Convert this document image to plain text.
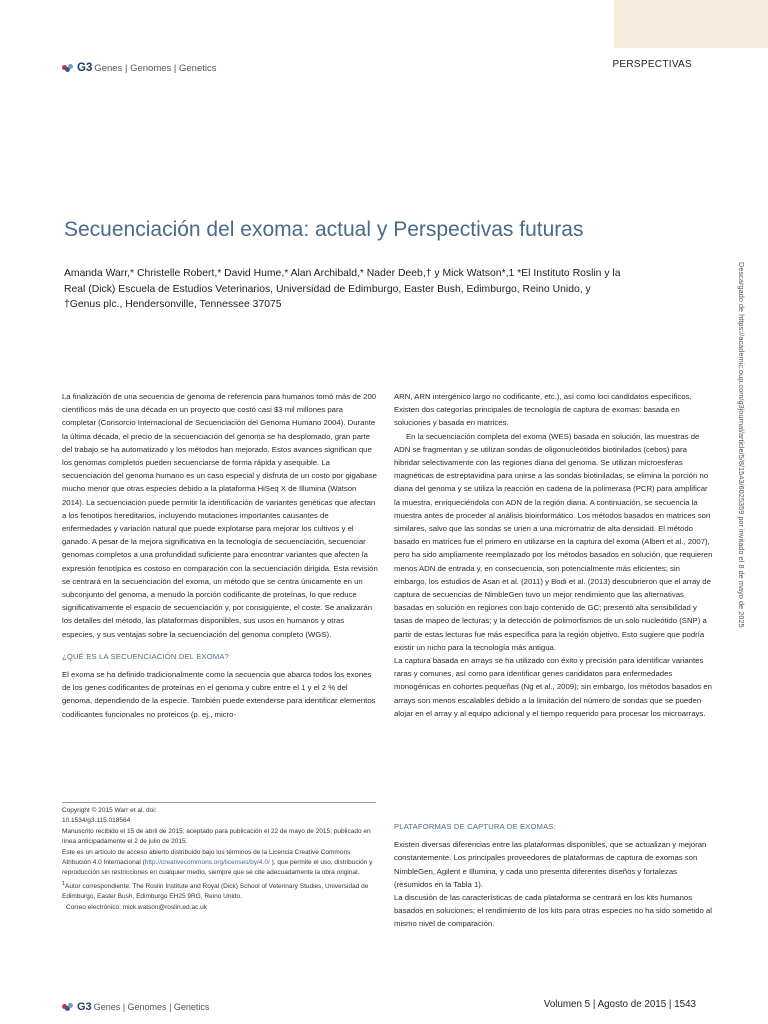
G3 Genes | Genomes | Genetics	PERSPECTIVAS
Secuenciación del exoma: actual y Perspectivas futuras
Amanda Warr,* Christelle Robert,* David Hume,* Alan Archibald,* Nader Deeb,† y Mick Watson*,1 *El Instituto Roslin y la Real (Dick) Escuela de Estudios Veterinarios, Universidad de Edimburgo, Easter Bush, Edimburgo, Reino Unido, y †Genus plc., Hendersonville, Tennessee 37075	Descargado de https://academic.oup.com/g3journal/article/5/8/1543/6025359 por invitado el 8 de mayo de 2025

La finalización de una secuencia de genoma de referencia para humanos tomó más de 200 científicos más de una década en un proyecto que costó casi $3 mil millones para completar (Consorcio Internacional de Secuenciación del Genoma Humano 2004). Durante la última década, el precio de la secuenciación del genoma se ha desplomado, gran parte del trabajo se ha automatizado y los métodos han mejorado. Estos avances significan que los genomas completos pueden secuenciarse de forma rápida y asequible. La secuenciación del genoma humano es un caso especial y disfruta de un costo por gigabase mucho menor que otras especies debido a la plataforma HiSeq X de Illumina (Watson 2014). La secuenciación puede permitir la identificación de variantes genéticas que afectan a los fenotipos hereditarios, incluyendo mutaciones importantes causantes de enfermedades y variación natural que puede explotarse para mejorar los cultivos y el ganado. A pesar de la mejora significativa en la tecnología de secuenciación, secuenciar genomas completos a una profundidad suficiente para encontrar variantes que afecten la expresión fenotípica es costoso en comparación con la secuenciación dirigida. Esta revisión se centrará en la secuenciación del exoma, un método que se centra únicamente en un subconjunto del genoma, a menudo la porción codificante de proteínas, lo que reduce significativamente el espacio de secuenciación y, por consiguiente, el coste. Se analizarán los detalles del método, las plataformas disponibles, sus usos en humanos y otras especies, y sus ventajas sobre la secuenciación del genoma completo (WGS).

¿QUÉ ES LA SECUENCIACIÓN DEL EXOMA?

El exoma se ha definido tradicionalmente como la secuencia que abarca todos los exones de los genes codificantes de proteínas en el genoma y cubre entre el 1 y el 2 % del genoma, dependiendo de la especie. También puede extenderse para identificar elementos codificantes funcionales no proteicos (p. ej., micro-

ARN, ARN intergénico largo no codificante, etc.), así como loci candidatos específicos. Existen dos categorías principales de tecnología de captura de exomas: basada en soluciones y basada en matrices.

En la secuenciación completa del exoma (WES) basada en solución, las muestras de ADN se fragmentan y se utilizan sondas de oligonucleótidos biotinilados (cebos) para hibridar selectivamente con las regiones diana del genoma. Se utilizan microesferas magnéticas de estreptavidina para unirse a las sondas biotiniladas, se elimina la porción no diana del genoma y se utiliza la reacción en cadena de la polimerasa (PCR) para amplificar la muestra, enriqueciéndola con ADN de la región diana. A continuación, se secuencia la muestra antes de proceder al análisis bioinformático. Los métodos basados en matrices son similares, salvo que las sondas se unen a una micromatriz de alta densidad. El método basado en matrices fue el primero en utilizarse en la captura del exoma (Albert et al., 2007), pero ha sido ampliamente reemplazado por los métodos basados en solución, que requieren menos ADN de entrada y, en consecuencia, son potencialmente más eficientes; sin embargo, los estudios de Asan et al. (2011) y Bodi et al. (2013) descubrieron que el array de captura de secuencias de NimbleGen tuvo un mejor rendimiento que las alternativas basadas en solución en regiones con bajo contenido de GC; presentó alta sensibilidad y tasas de mapeo de lecturas; y la detección de polimorfismos de un solo nucleótido (SNP) a partir de estas lecturas fue más específica para la región objetivo. Esto sugiere que podría existir un nicho para la tecnología más antigua.

La captura basada en arrays se ha utilizado con éxito y precisión para identificar variantes raras y comunes, así como para identificar genes candidatos para enfermedades monogénicas en cohortes pequeñas (Ng et al., 2009); sin embargo, los métodos basados en arrays son menos escalables debido a la limitación del número de sondas que se pueden alojar en el array y al equipo adicional y el tiempo requerido para procesar los microarrays.

Copyright © 2015 Warr et al. doi:

10.1534/g3.115.018564

Manuscrito recibido el 15 de abril de 2015; aceptado para publicación el 22 de mayo de 2015; publicado en línea anticipadamente el 2 de julio de 2015.

Este es un artículo de acceso abierto distribuido bajo los términos de la Licencia Creative Commons Atribución 4.0 Internacional (http://creativecommons.org/licenses/by/4.0/ ), que permite el uso, distribución y reproducción sin restricciones en cualquier medio, siempre que se cite adecuadamente la obra original.

$^1$Autor correspondiente: The Roslin Institute and Royal (Dick) School of Veterinary Studies, Universidad de Edimburgo, Easter Bush, Edimburgo EH25 9RG, Reino Unido.

Correo electrónico: mick.watson@roslin.ed.ac.uk

PLATAFORMAS DE CAPTURA DE EXOMAS:

Existen diversas diferencias entre las plataformas disponibles, que se actualizan y mejoran constantemente. Los principales proveedores de plataformas de captura de exomas son NimbleGen, Agilent e Illumina, y cada uno presenta diferentes diseños y fortalezas (resumidos en la Tabla 1).

La discusión de las características de cada plataforma se centrará en los kits humanos basados en soluciones; el rendimiento de los kits para otras especies no ha sido sometido al mismo nivel de comparación.

G3 Genes | Genomes | Genetics	Volumen 5 | Agosto de 2015 | 1543
